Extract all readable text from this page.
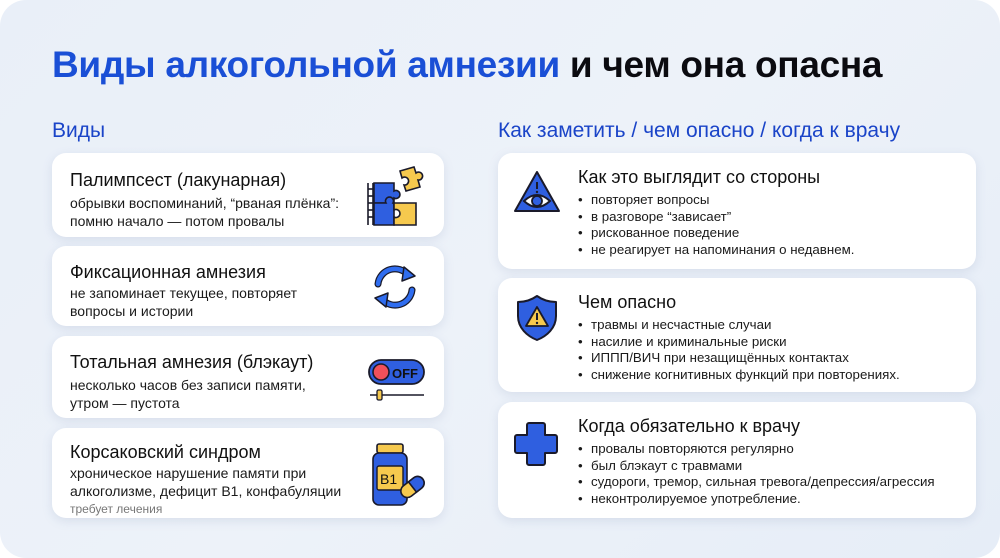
Виды алкогольной амнезии и чем она опасна
Виды
Палимпсест (лакунарная)
обрывки воспоминаний, “рваная плёнка”:
помню начало — потом провалы
Фиксационная амнезия
не запоминает текущее, повторяет
вопросы и истории
Тотальная амнезия (блэкаут)
несколько часов без записи памяти,
утром — пустота
OFF
Корсаковский синдром
хроническое нарушение памяти при
алкоголизме, дефицит B1, конфабуляции
требует лечения
B1
Как заметить / чем опасно / когда к врачу
Как это выглядит со стороны
• повторяет вопросы
• в разговоре “зависает”
• рискованное поведение
• не реагирует на напоминания о недавнем.
Чем опасно
• травмы и несчастные случаи
• насилие и криминальные риски
• ИППП/ВИЧ при незащищённых контактах
• снижение когнитивных функций при повторениях.
Когда обязательно к врачу
• провалы повторяются регулярно
• был блэкаут с травмами
• судороги, тремор, сильная тревога/депрессия/агрессия
• неконтролируемое употребление.
